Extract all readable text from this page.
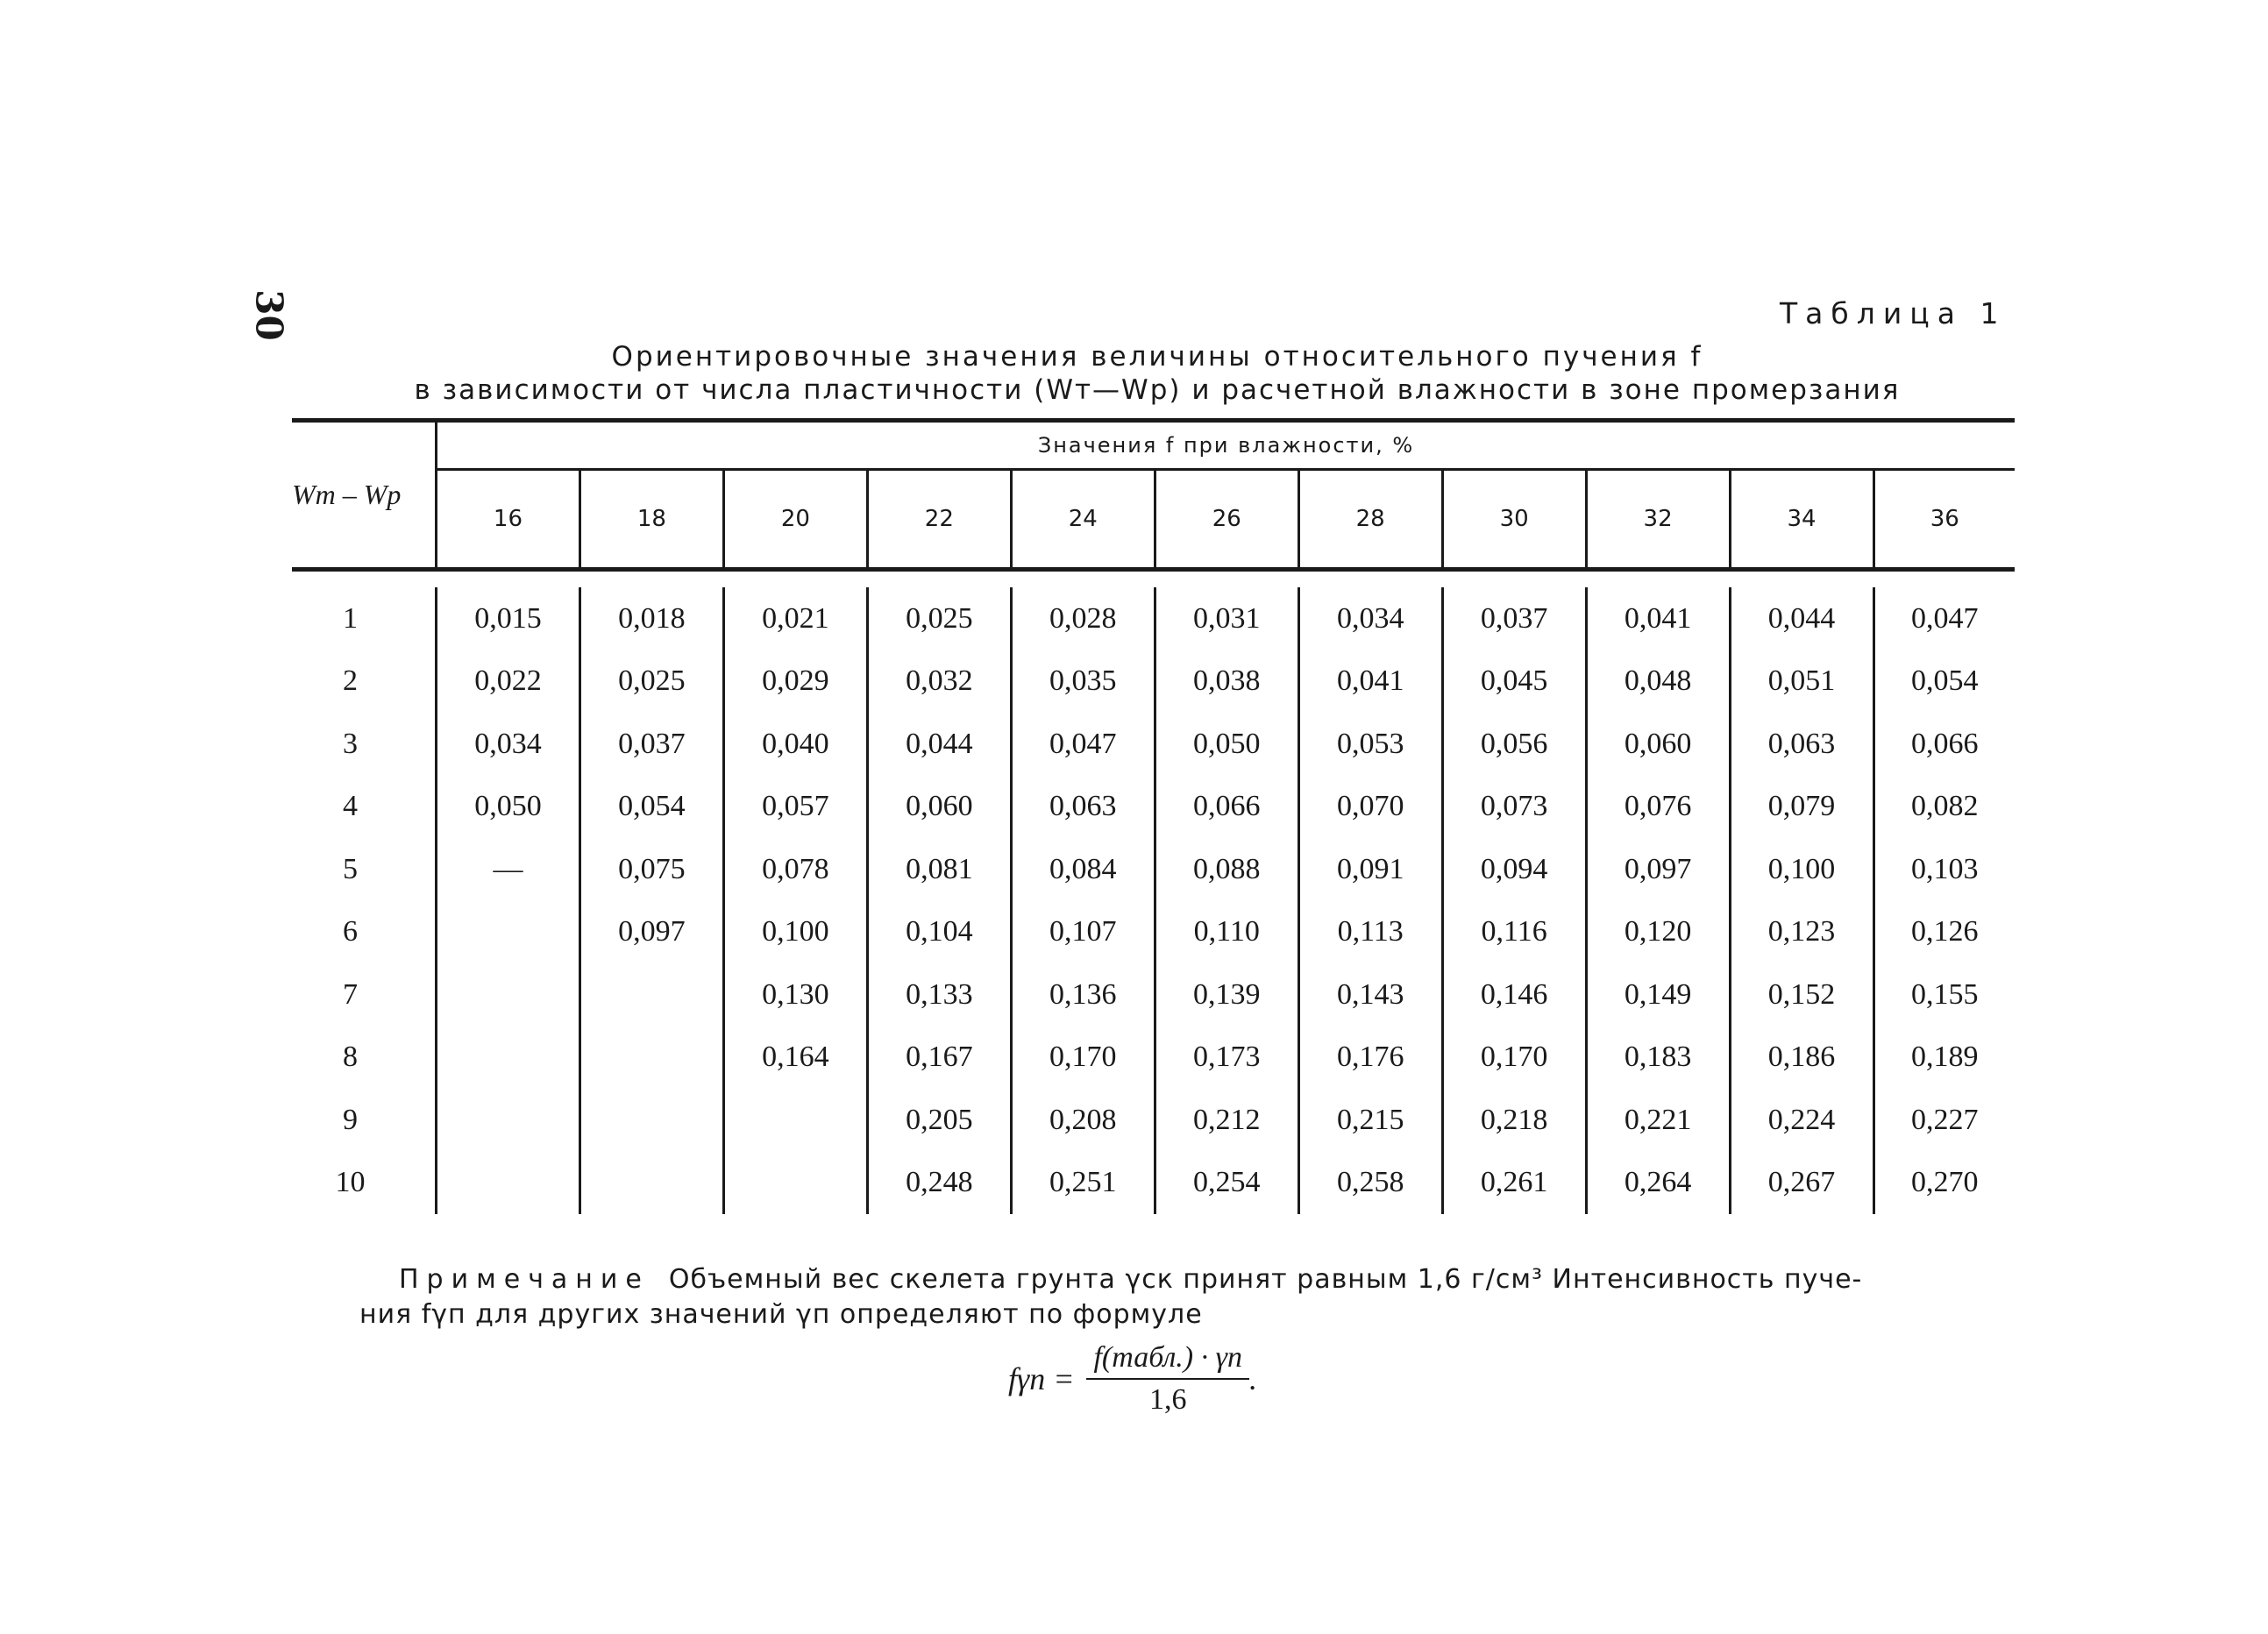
30	Таблица 1
Ориентировочные значения величины относительного пучения f
в зависимости от числа пластичности (Wт—Wр) и расчетной влажности в зоне промерзания
Wт – Wр	Значения f при влажности, %										
	16	18	20	22	24	26	28	30	32	34	36

1	0,015	0,018	0,021	0,025	0,028	0,031	0,034	0,037	0,041	0,044	0,047
2	0,022	0,025	0,029	0,032	0,035	0,038	0,041	0,045	0,048	0,051	0,054
3	0,034	0,037	0,040	0,044	0,047	0,050	0,053	0,056	0,060	0,063	0,066
4	0,050	0,054	0,057	0,060	0,063	0,066	0,070	0,073	0,076	0,079	0,082
5	—	0,075	0,078	0,081	0,084	0,088	0,091	0,094	0,097	0,100	0,103
6		0,097	0,100	0,104	0,107	0,110	0,113	0,116	0,120	0,123	0,126
7			0,130	0,133	0,136	0,139	0,143	0,146	0,149	0,152	0,155
8			0,164	0,167	0,170	0,173	0,176	0,170	0,183	0,186	0,189
9				0,205	0,208	0,212	0,215	0,218	0,221	0,224	0,227
10				0,248	0,251	0,254	0,258	0,261	0,264	0,267	0,270
Примечание Объемный вес скелета грунта γск принят равным 1,6 г/см³ Интенсивность пуче-
ния fγп для других значений γп определяют по формуле
$f\gamma п = \frac{\text{f(табл.) · γп}}{1,6}$ .
